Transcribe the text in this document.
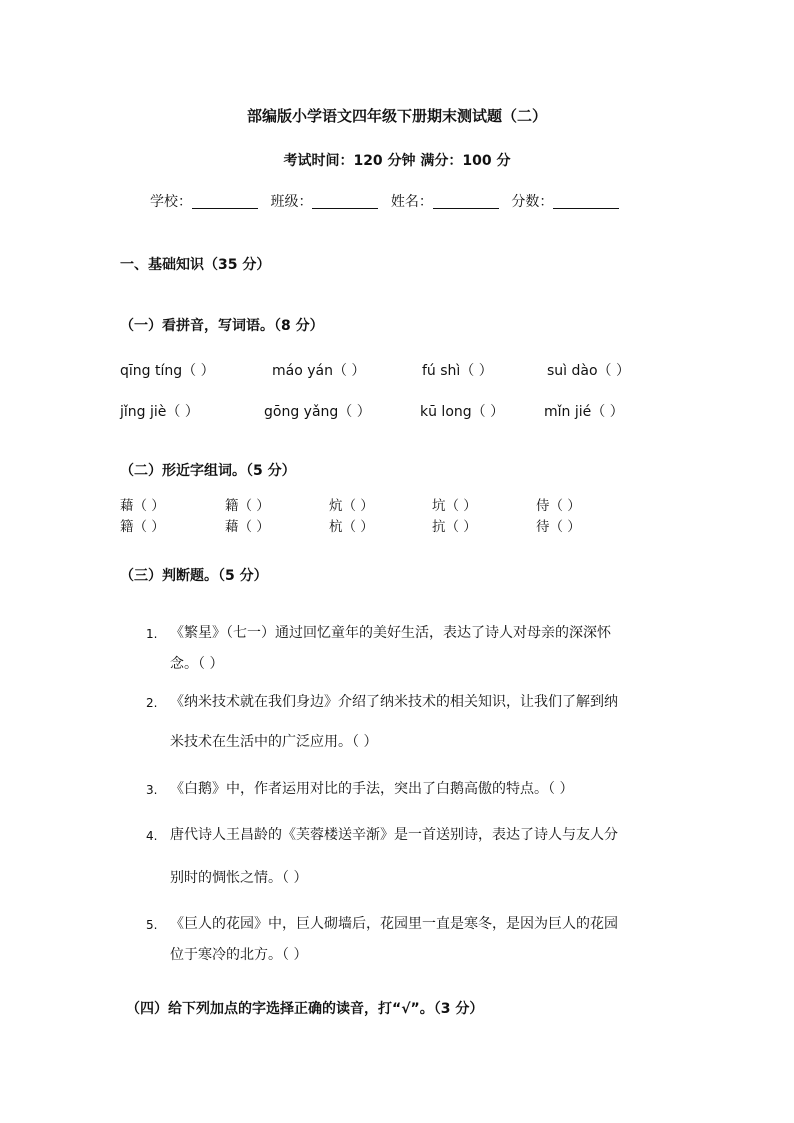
部编版小学语文四年级下册期末测试题（二）
考试时间：120 分钟 满分：100 分
学校：	班级：	姓名：	分数：
一、基础知识（35 分）
（一）看拼音，写词语。（8 分）
qīng tíng（ ）	máo yán（ ）	fú shì（ ）	suì dào（ ）
jǐng jiè（ ）	gōng yǎng（ ）	kū long（ ）	mǐn jié（ ）
（二）形近字组词。（5 分）
藉（ ）	籍（ ）	炕（ ）	坑（ ）	侍（ ）
籍（ ）	藉（ ）	杭（ ）	抗（ ）	待（ ）
（三）判断题。（5 分）
1. 《繁星》（七一）通过回忆童年的美好生活，表达了诗人对母亲的深深怀
念。（ ）
2. 《纳米技术就在我们身边》介绍了纳米技术的相关知识，让我们了解到纳
米技术在生活中的广泛应用。（ ）
3. 《白鹅》中，作者运用对比的手法，突出了白鹅高傲的特点。（ ）
4. 唐代诗人王昌龄的《芙蓉楼送辛渐》是一首送别诗，表达了诗人与友人分
别时的惆怅之情。（ ）
5. 《巨人的花园》中，巨人砌墙后，花园里一直是寒冬，是因为巨人的花园
位于寒冷的北方。（ ）
（四）给下列加点的字选择正确的读音，打“√”。（3 分）
